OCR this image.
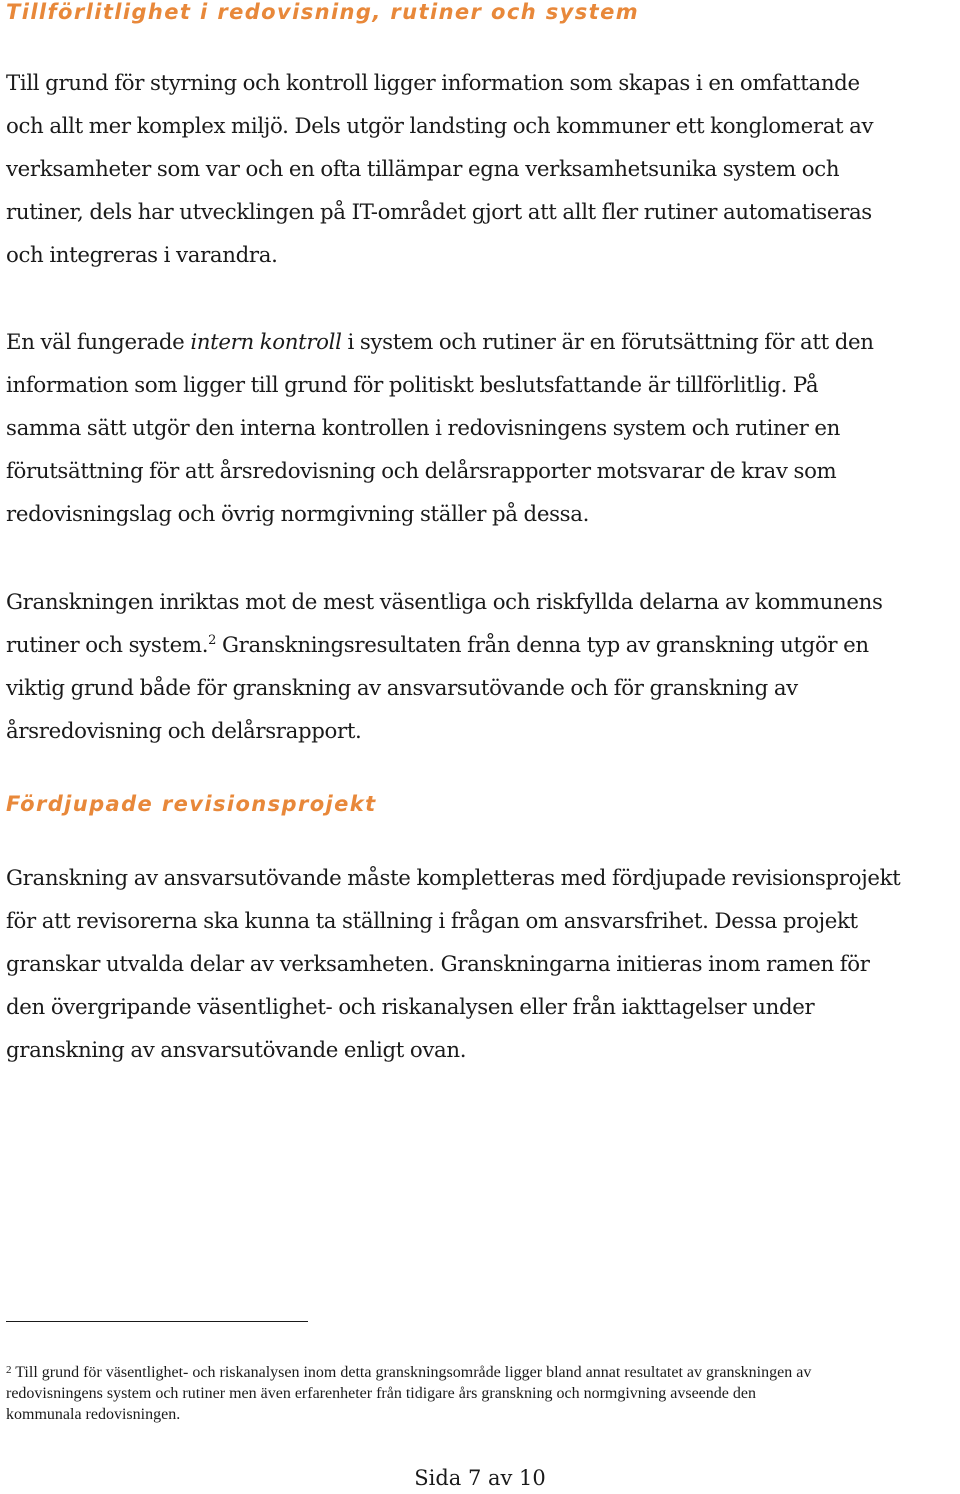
Tillförlitlighet i redovisning, rutiner och system
Till grund för styrning och kontroll ligger information som skapas i en omfattande
och allt mer komplex miljö. Dels utgör landsting och kommuner ett konglomerat av
verksamheter som var och en ofta tillämpar egna verksamhetsunika system och
rutiner, dels har utvecklingen på IT-området gjort att allt fler rutiner automatiseras
och integreras i varandra.
En väl fungerade intern kontroll i system och rutiner är en förutsättning för att den
information som ligger till grund för politiskt beslutsfattande är tillförlitlig. På
samma sätt utgör den interna kontrollen i redovisningens system och rutiner en
förutsättning för att årsredovisning och delårsrapporter motsvarar de krav som
redovisningslag och övrig normgivning ställer på dessa.
Granskningen inriktas mot de mest väsentliga och riskfyllda delarna av kommunens
rutiner och system.$^2$ Granskningsresultaten från denna typ av granskning utgör en
viktig grund både för granskning av ansvarsutövande och för granskning av
årsredovisning och delårsrapport.
Fördjupade revisionsprojekt
Granskning av ansvarsutövande måste kompletteras med fördjupade revisionsprojekt
för att revisorerna ska kunna ta ställning i frågan om ansvarsfrihet. Dessa projekt
granskar utvalda delar av verksamheten. Granskningarna initieras inom ramen för
den övergripande väsentlighet- och riskanalysen eller från iakttagelser under
granskning av ansvarsutövande enligt ovan.
$^2$ Till grund för väsentlighet- och riskanalysen inom detta granskningsområde ligger bland annat resultatet av granskningen av
redovisningens system och rutiner men även erfarenheter från tidigare års granskning och normgivning avseende den
kommunala redovisningen.
Sida 7 av 10
